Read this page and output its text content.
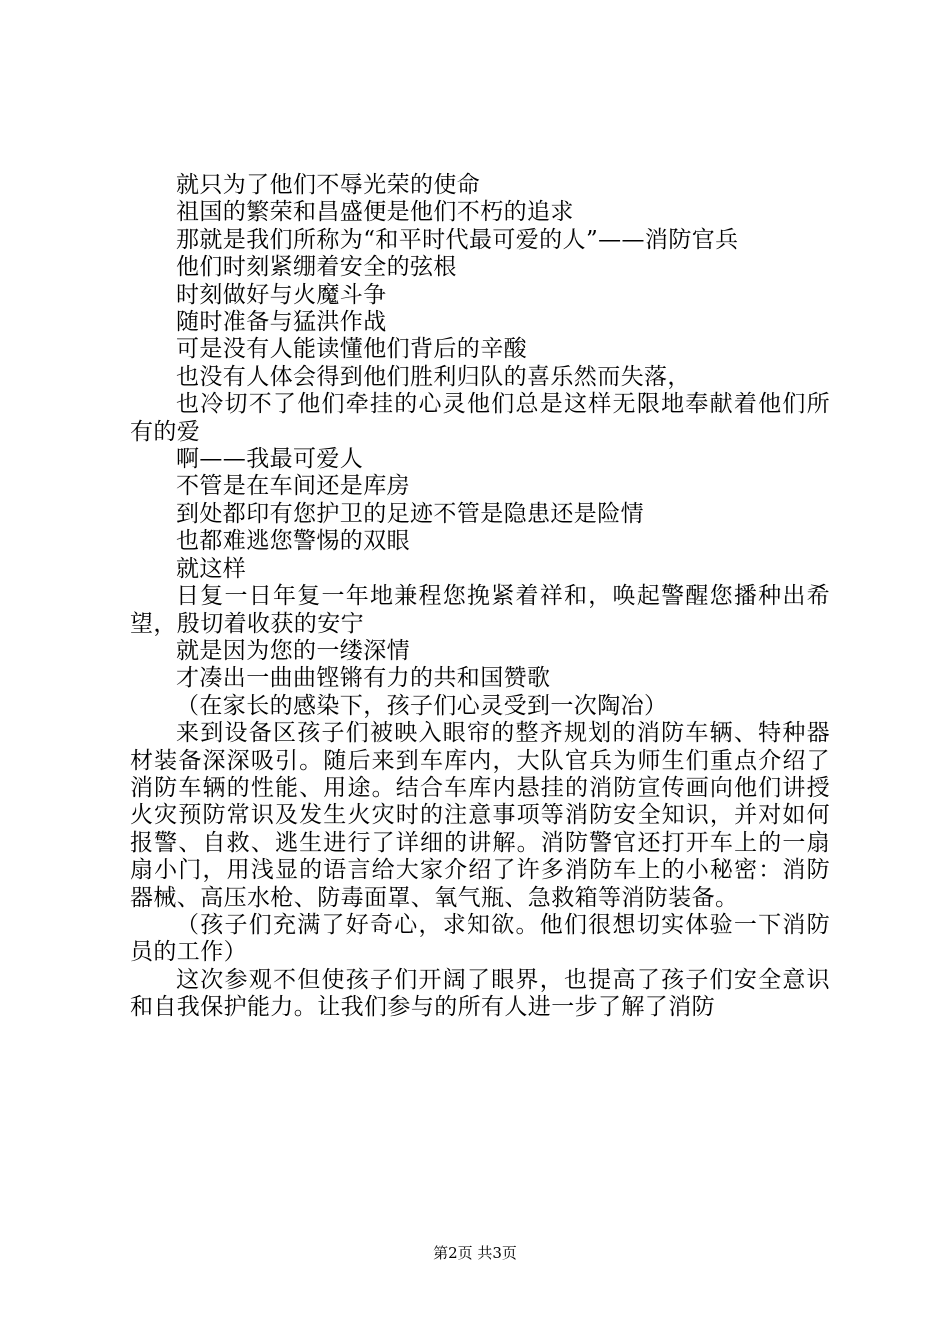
就只为了他们不辱光荣的使命

祖国的繁荣和昌盛便是他们不朽的追求

那就是我们所称为“和平时代最可爱的人”——消防官兵

他们时刻紧绷着安全的弦根

时刻做好与火魔斗争

随时准备与猛洪作战

可是没有人能读懂他们背后的辛酸

也没有人体会得到他们胜利归队的喜乐然而失落，

也冷切不了他们牵挂的心灵他们总是这样无限地奉献着他们所有的爱

啊——我最可爱人

不管是在车间还是库房

到处都印有您护卫的足迹不管是隐患还是险情

也都难逃您警惕的双眼

就这样

日复一日年复一年地兼程您挽紧着祥和，唤起警醒您播种出希望，殷切着收获的安宁

就是因为您的一缕深情

才凑出一曲曲铿锵有力的共和国赞歌

（在家长的感染下，孩子们心灵受到一次陶冶）

来到设备区孩子们被映入眼帘的整齐规划的消防车辆、特种器材装备深深吸引。随后来到车库内，大队官兵为师生们重点介绍了消防车辆的性能、用途。结合车库内悬挂的消防宣传画向他们讲授火灾预防常识及发生火灾时的注意事项等消防安全知识，并对如何报警、自救、逃生进行了详细的讲解。消防警官还打开车上的一扇扇小门，用浅显的语言给大家介绍了许多消防车上的小秘密：消防器械、高压水枪、防毒面罩、氧气瓶、急救箱等消防装备。

（孩子们充满了好奇心，求知欲。他们很想切实体验一下消防员的工作）

这次参观不但使孩子们开阔了眼界，也提高了孩子们安全意识和自我保护能力。让我们参与的所有人进一步了解了消防

第2页 共3页
